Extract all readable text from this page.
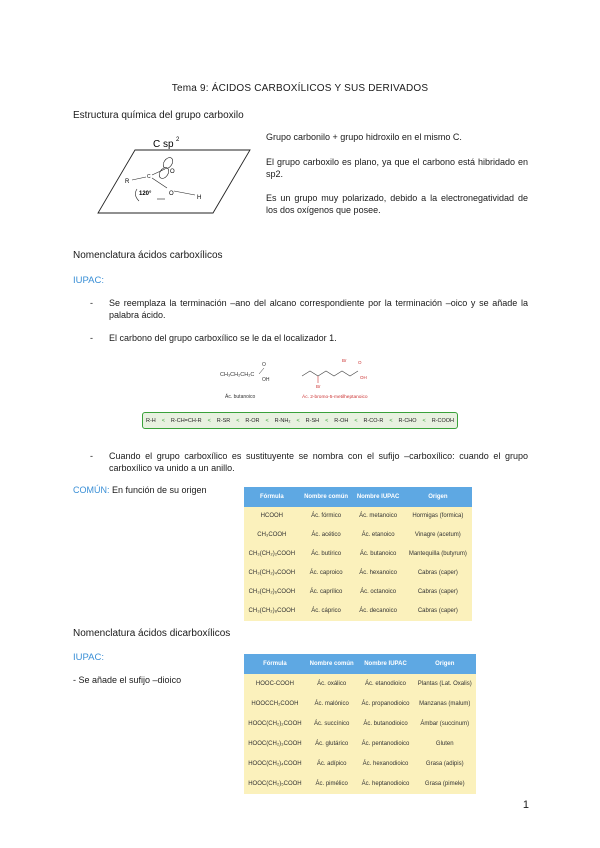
Tema 9: ÁCIDOS CARBOXÍLICOS Y SUS DERIVADOS
Estructura química del grupo carboxilo
C sp 2
R
C
O
O
H
120°
Grupo carbonilo + grupo hidroxilo en el mismo C.
El grupo carboxilo es plano, ya que el carbono está hibridado en sp2.
Es un grupo muy polarizado, debido a la electronegatividad de los dos oxígenos que posee.
Nomenclatura ácidos carboxílicos
IUPAC:
- Se reemplaza la terminación –ano del alcano correspondiente por la terminación –oico y se añade la palabra ácido.
- El carbono del grupo carboxílico se le da el localizador 1.
CH₃CH₂CH₂C
O
OH
Ác. butanoico
Br
O
OH
Br
Ác. 2-bromo-5-metilheptanoico
R-H < R-CH=CH-R < R-SR < R-OR < R-NH₂ < R-SH < R-OH < R-CO-R < R-CHO < R-COOH
- Cuando el grupo carboxílico es sustituyente se nombra con el sufijo –carboxílico: cuando el grupo carboxílico va unido a un anillo.
COMÚN: En función de su origen
Fórmula	Nombre común	Nombre IUPAC	Origen
HCOOH	Ác. fórmico	Ác. metanoico	Hormigas (formica)
CH₃COOH	Ác. acético	Ác. etanoico	Vinagre (acetum)
CH₃(CH₂)₂COOH	Ác. butírico	Ác. butanoico	Mantequilla (butyrum)
CH₃(CH₂)₄COOH	Ác. caproico	Ác. hexanoico	Cabras (caper)
CH₃(CH₂)₆COOH	Ác. caprílico	Ác. octanoico	Cabras (caper)
CH₃(CH₂)₈COOH	Ác. cáprico	Ác. decanoico	Cabras (caper)
Nomenclatura ácidos dicarboxílicos
IUPAC:
- Se añade el sufijo –dioico
Fórmula	Nombre común	Nombre IUPAC	Origen
HOOC-COOH	Ác. oxálico	Ác. etanodioico	Plantas (Lat. Oxalis)
HOOCCH₂COOH	Ác. malónico	Ác. propanodioico	Manzanas (malum)
HOOC(CH₂)₂COOH	Ác. succínico	Ác. butanodioico	Ámbar (succinum)
HOOC(CH₂)₃COOH	Ác. glutárico	Ác. pentanodioico	Gluten
HOOC(CH₂)₄COOH	Ác. adípico	Ác. hexanodioico	Grasa (adipis)
HOOC(CH₂)₅COOH	Ác. pimélico	Ác. heptanodioico	Grasa (pimele)
1
